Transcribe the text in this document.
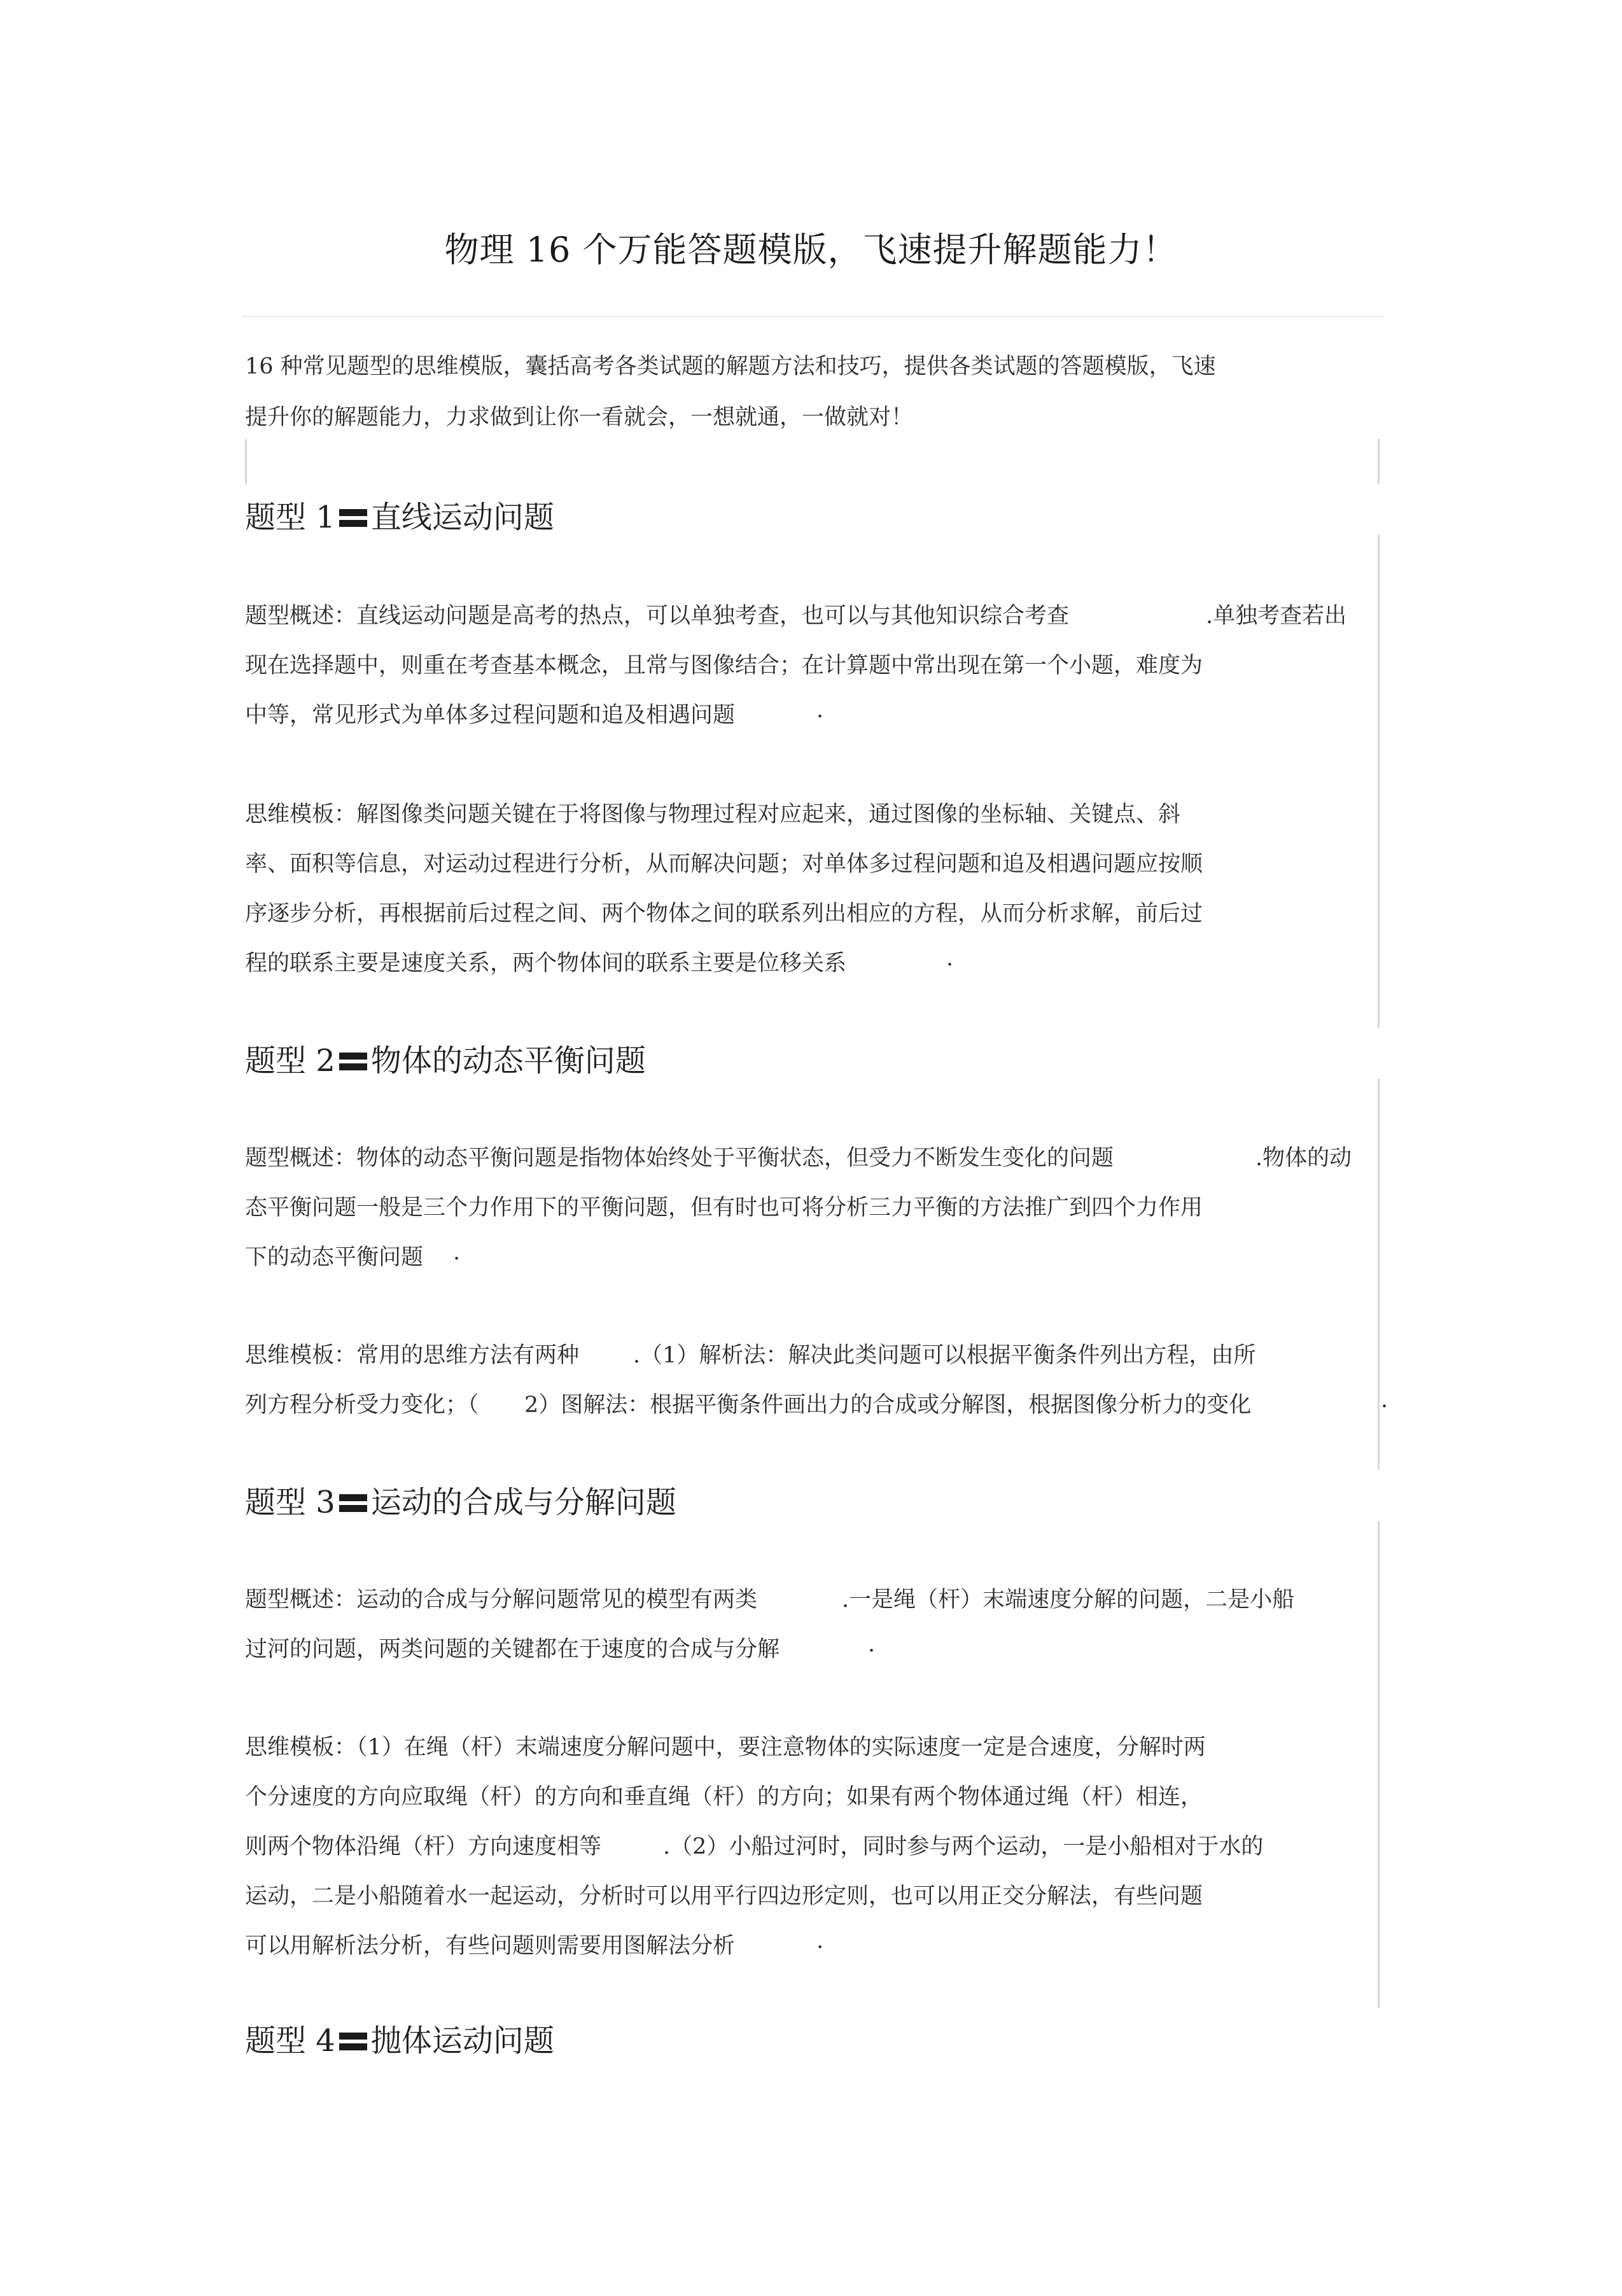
物理 16 个万能答题模版，飞速提升解题能力！
16 种常见题型的思维模版，囊括高考各类试题的解题方法和技巧，提供各类试题的答题模版，飞速
提升你的解题能力，力求做到让你一看就会，一想就通，一做就对！
题型 1 直线运动问题
题型概述：直线运动问题是高考的热点，可以单独考查，也可以与其他知识综合考查	.单独考查若出
现在选择题中，则重在考查基本概念，且常与图像结合；在计算题中常出现在第一个小题，难度为
中等，常见形式为单体多过程问题和追及相遇问题	.
思维模板：解图像类问题关键在于将图像与物理过程对应起来，通过图像的坐标轴、关键点、斜
率、面积等信息，对运动过程进行分析，从而解决问题；对单体多过程问题和追及相遇问题应按顺
序逐步分析，再根据前后过程之间、两个物体之间的联系列出相应的方程，从而分析求解，前后过
程的联系主要是速度关系，两个物体间的联系主要是位移关系	.
题型 2 物体的动态平衡问题
题型概述：物体的动态平衡问题是指物体始终处于平衡状态，但受力不断发生变化的问题	.物体的动
态平衡问题一般是三个力作用下的平衡问题，但有时也可将分析三力平衡的方法推广到四个力作用
下的动态平衡问题 .
思维模板：常用的思维方法有两种 .（1）解析法：解决此类问题可以根据平衡条件列出方程，由所
列方程分析受力变化；（ 2）图解法：根据平衡条件画出力的合成或分解图，根据图像分析力的变化	.
题型 3 运动的合成与分解问题
题型概述：运动的合成与分解问题常见的模型有两类	.一是绳（杆）末端速度分解的问题，二是小船
过河的问题，两类问题的关键都在于速度的合成与分解	.
思维模板：（1）在绳（杆）末端速度分解问题中，要注意物体的实际速度一定是合速度，分解时两
个分速度的方向应取绳（杆）的方向和垂直绳（杆）的方向；如果有两个物体通过绳（杆）相连，
则两个物体沿绳（杆）方向速度相等	.（2）小船过河时，同时参与两个运动，一是小船相对于水的
运动，二是小船随着水一起运动，分析时可以用平行四边形定则，也可以用正交分解法，有些问题
可以用解析法分析，有些问题则需要用图解法分析	.
题型 4 抛体运动问题
